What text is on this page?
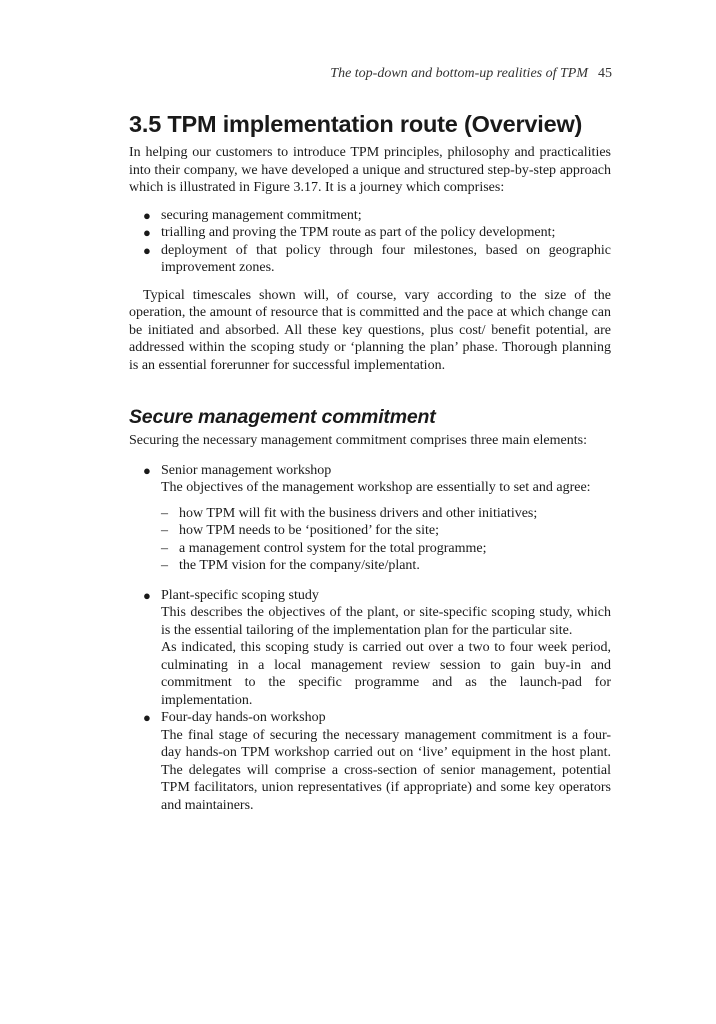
The top-down and bottom-up realities of TPM 45
3.5 TPM implementation route (Overview)

In helping our customers to introduce TPM principles, philosophy and practicalities into their company, we have developed a unique and structured step-by-step approach which is illustrated in Figure 3.17. It is a journey which comprises:

● securing management commitment;
● trialling and proving the TPM route as part of the policy development;
● deployment of that policy through four milestones, based on geographic improvement zones.

Typical timescales shown will, of course, vary according to the size of the operation, the amount of resource that is committed and the pace at which change can be initiated and absorbed. All these key questions, plus cost/ benefit potential, are addressed within the scoping study or ‘planning the plan’ phase. Thorough planning is an essential forerunner for successful implementation.

Secure management commitment

Securing the necessary management commitment comprises three main elements:

● Senior management workshop
The objectives of the management workshop are essentially to set and agree:
– how TPM will fit with the business drivers and other initiatives;
– how TPM needs to be ‘positioned’ for the site;
– a management control system for the total programme;
– the TPM vision for the company/site/plant.
● Plant-specific scoping study
This describes the objectives of the plant, or site-specific scoping study, which is the essential tailoring of the implementation plan for the particular site.
As indicated, this scoping study is carried out over a two to four week period, culminating in a local management review session to gain buy-in and commitment to the specific programme and as the launch-pad for implementation.
● Four-day hands-on workshop
The final stage of securing the necessary management commitment is a four-day hands-on TPM workshop carried out on ‘live’ equipment in the host plant. The delegates will comprise a cross-section of senior management, potential TPM facilitators, union representatives (if appropriate) and some key operators and maintainers.
